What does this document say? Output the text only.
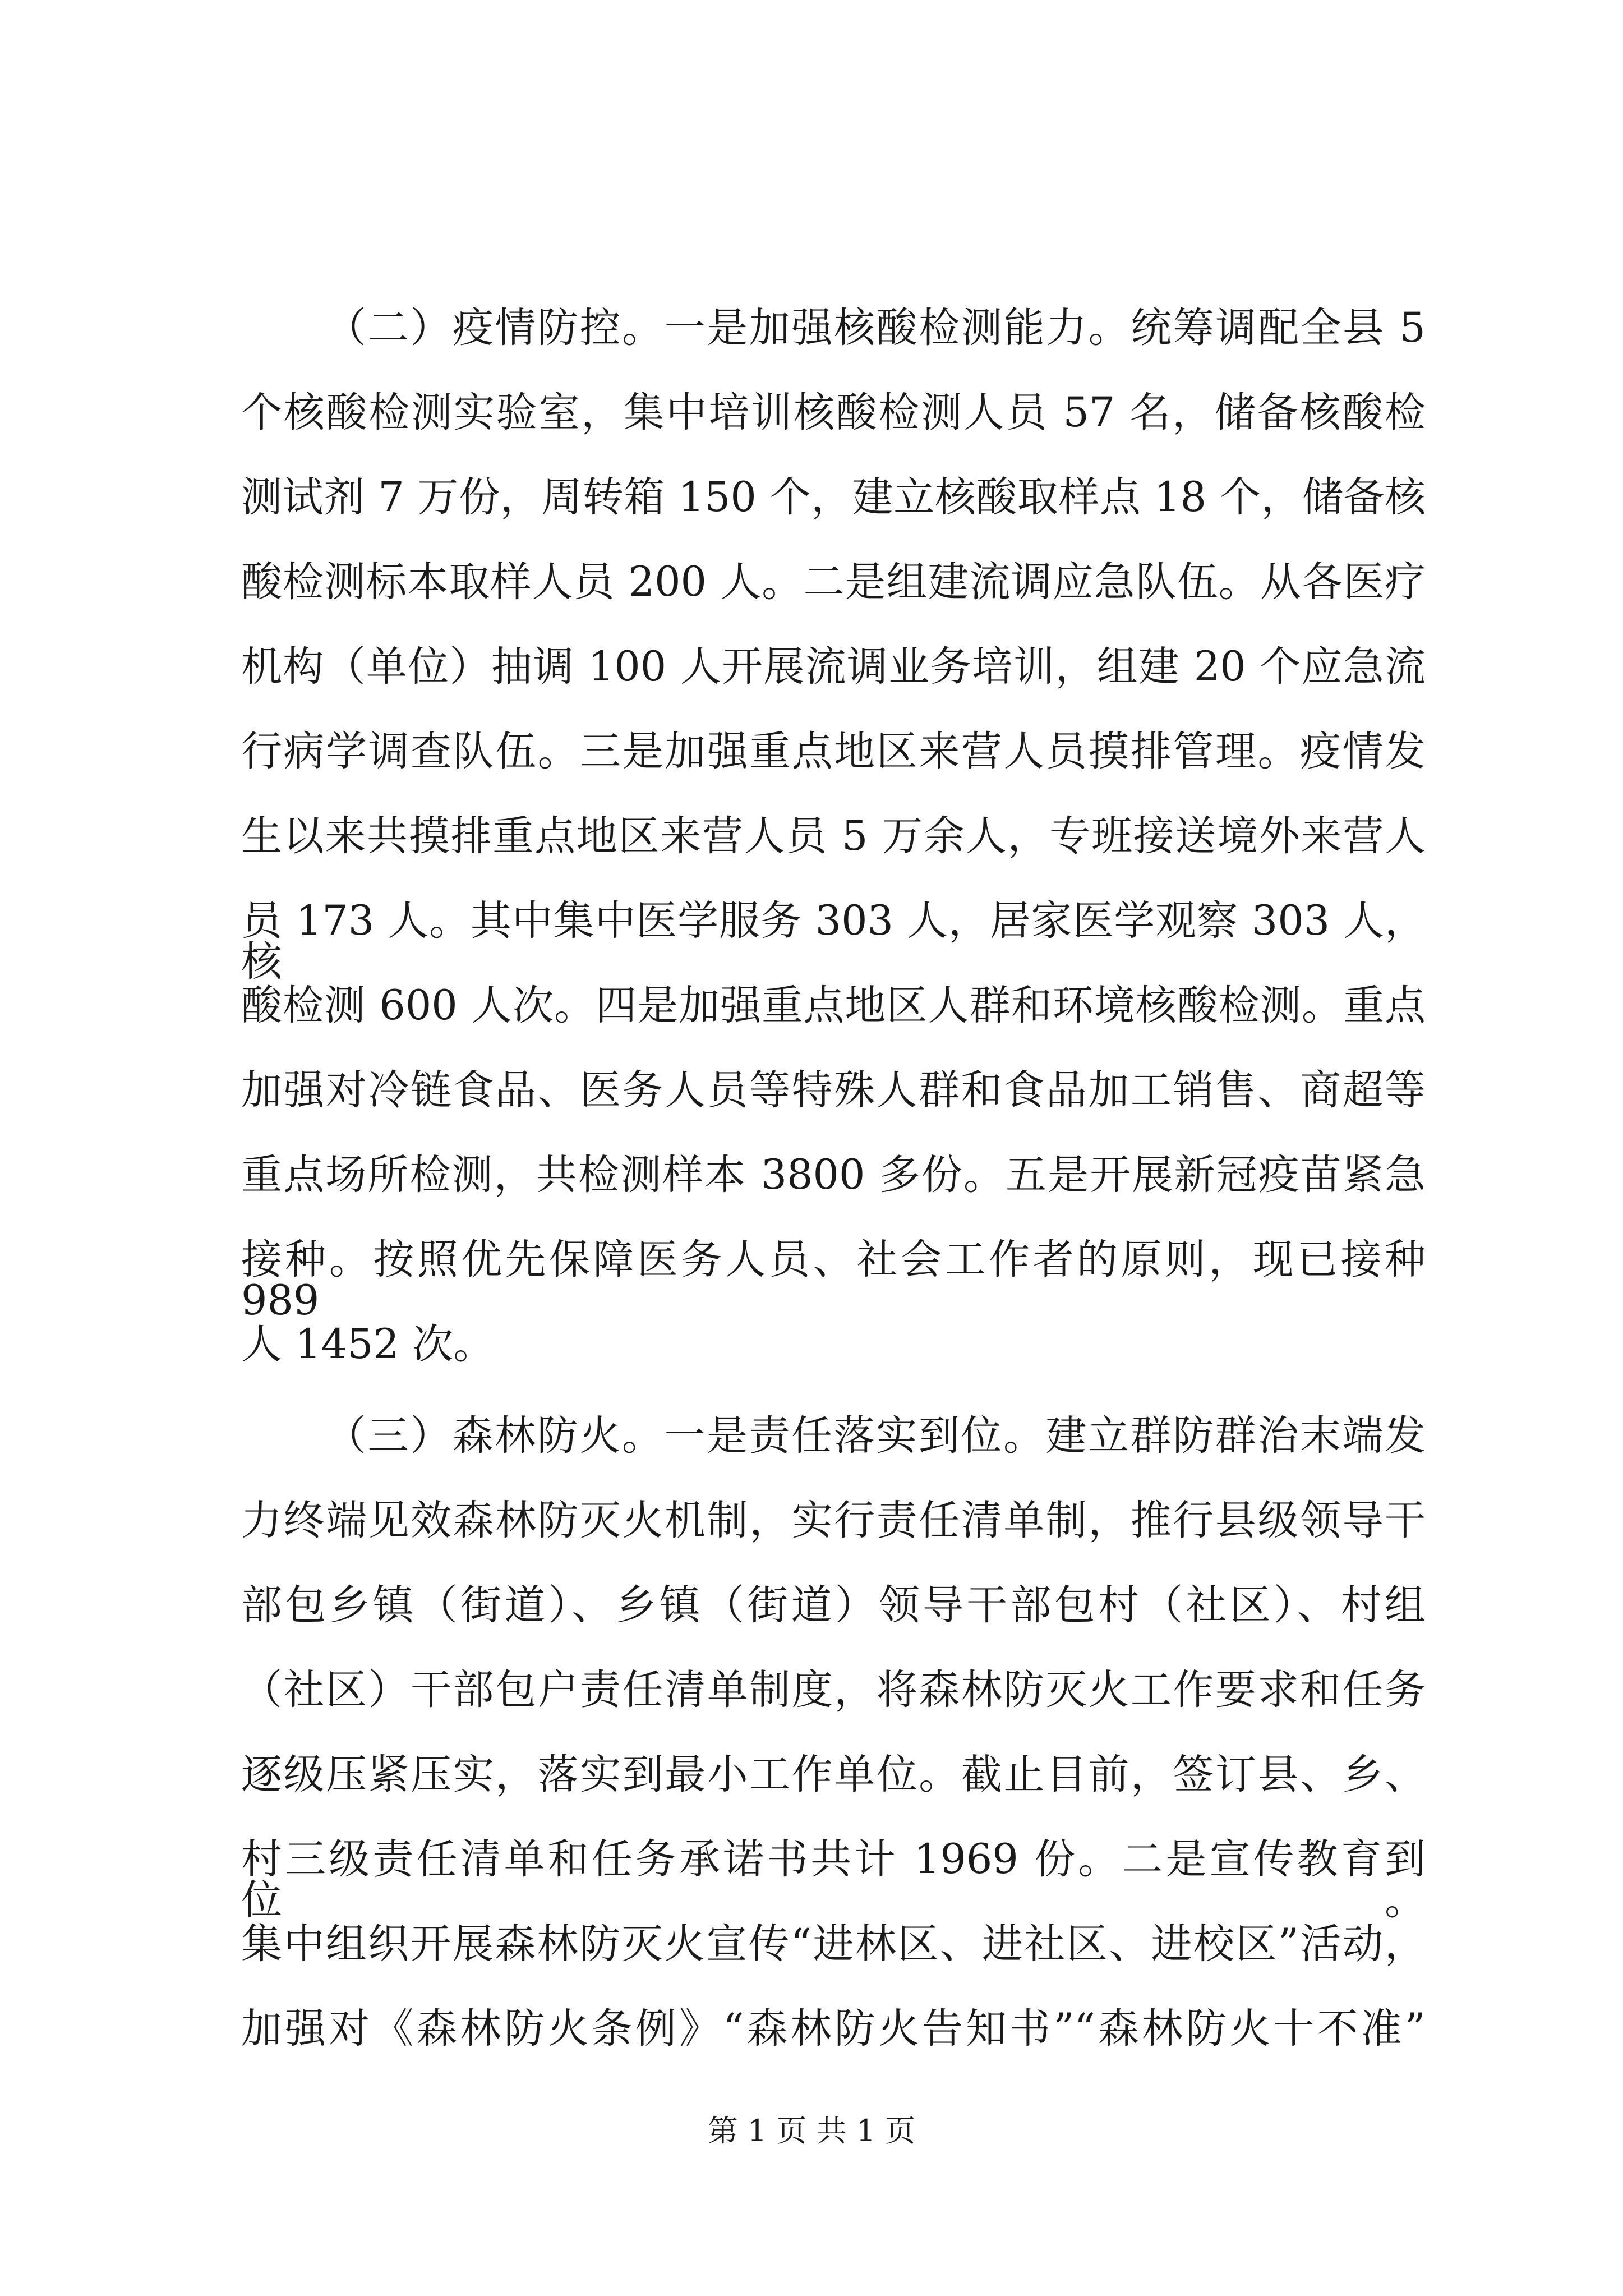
（二）疫情防控。一是加强核酸检测能力。统筹调配全县 5
个核酸检测实验室，集中培训核酸检测人员 57 名，储备核酸检
测试剂 7 万份，周转箱 150 个，建立核酸取样点 18 个，储备核
酸检测标本取样人员 200 人。二是组建流调应急队伍。从各医疗
机构（单位）抽调 100 人开展流调业务培训，组建 20 个应急流
行病学调查队伍。三是加强重点地区来营人员摸排管理。疫情发
生以来共摸排重点地区来营人员 5 万余人，专班接送境外来营人
员 173 人。其中集中医学服务 303 人，居家医学观察 303 人，核
酸检测 600 人次。四是加强重点地区人群和环境核酸检测。重点
加强对冷链食品、医务人员等特殊人群和食品加工销售、商超等
重点场所检测，共检测样本 3800 多份。五是开展新冠疫苗紧急
接种。按照优先保障医务人员、社会工作者的原则，现已接种 989
人 1452 次。
（三）森林防火。一是责任落实到位。建立群防群治末端发
力终端见效森林防灭火机制，实行责任清单制，推行县级领导干
部包乡镇（街道）、乡镇（街道）领导干部包村（社区）、村组
（社区）干部包户责任清单制度，将森林防灭火工作要求和任务
逐级压紧压实，落实到最小工作单位。截止目前，签订县、乡、
村三级责任清单和任务承诺书共计 1969 份。二是宣传教育到位。
集中组织开展森林防灭火宣传“进林区、进社区、进校区”活动，
加强对《森林防火条例》“森林防火告知书”“森林防火十不准”
第 1 页 共 1 页
